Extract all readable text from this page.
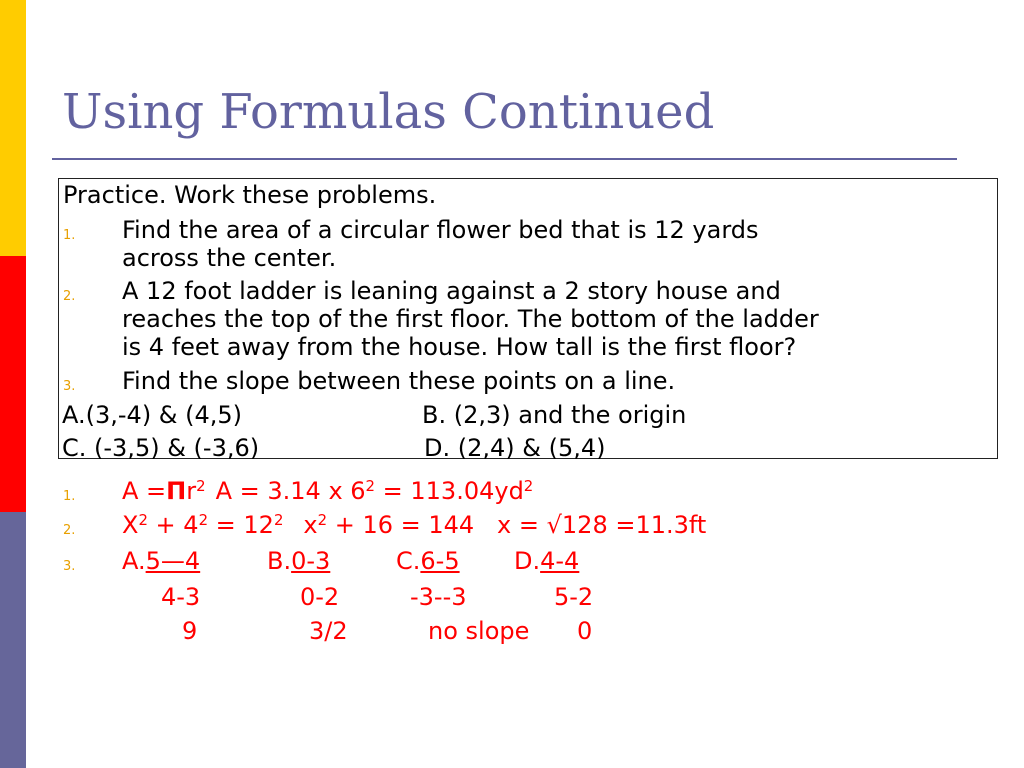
Using Formulas Continued
Practice. Work these problems.
1. Find the area of a circular flower bed that is 12 yards
across the center.
2. A 12 foot ladder is leaning against a 2 story house and
reaches the top of the first floor. The bottom of the ladder
is 4 feet away from the house. How tall is the first floor?
3. Find the slope between these points on a line.
A.(3,-4) & (4,5)	B. (2,3) and the origin
C. (-3,5) & (-3,6)	D. (2,4) & (5,4)
1. $A =\Pi r^2$ A = 3.14 x $6^2 = 113.04yd^2$
2. $X^2 + 4^2 = 12^2$ $x^2 + 16 = 144$   x = √128 =11.3ft
3. A.5—4	B.0-3	C.6-5 D.4-4
4-3	0-2	-3--3	5-2
9	3/2	no slope 0
